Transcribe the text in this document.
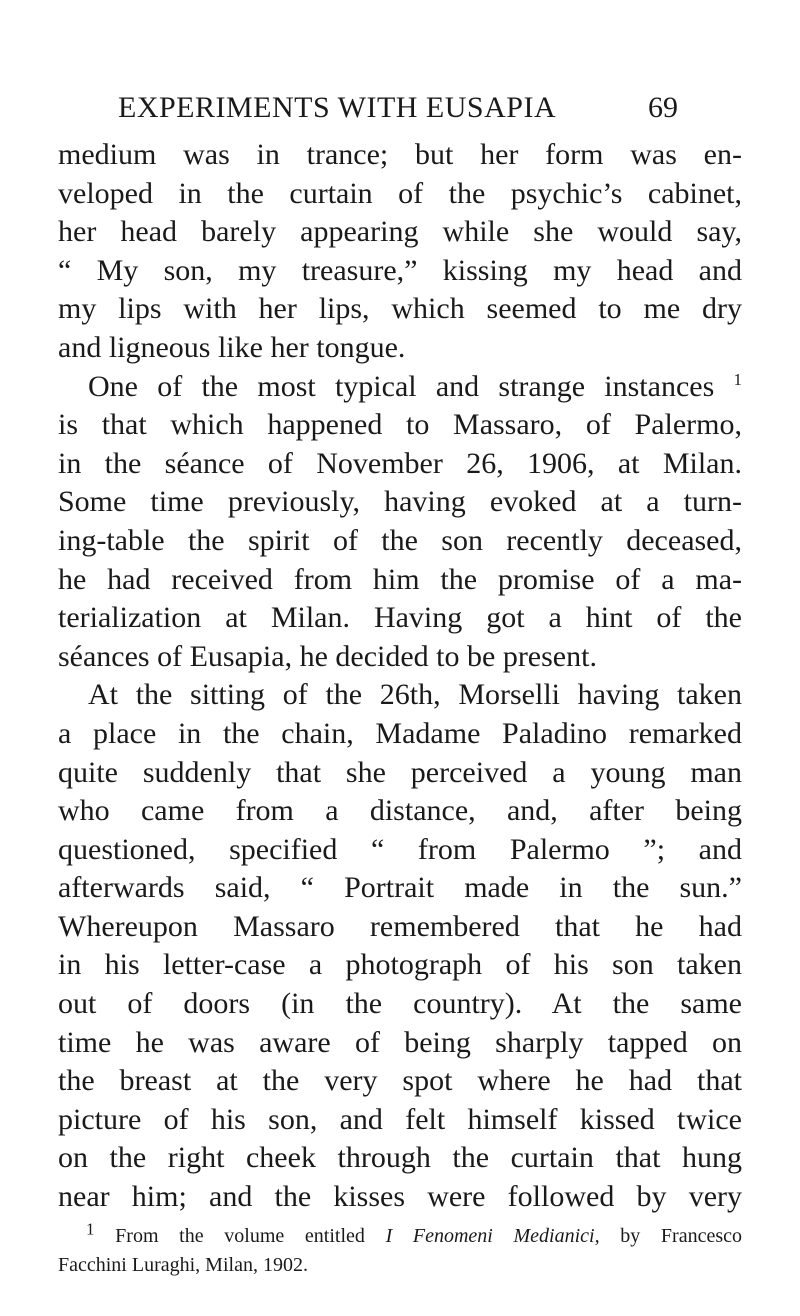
EXPERIMENTS WITH EUSAPIA	69
medium was in trance; but her form was en-
veloped in the curtain of the psychic’s cabinet,
her head barely appearing while she would say,
“ My son, my treasure,” kissing my head and
my lips with her lips, which seemed to me dry
and ligneous like her tongue.
One of the most typical and strange instances $^1$
is that which happened to Massaro, of Palermo,
in the séance of November 26, 1906, at Milan.
Some time previously, having evoked at a turn-
ing-table the spirit of the son recently deceased,
he had received from him the promise of a ma-
terialization at Milan. Having got a hint of the
séances of Eusapia, he decided to be present.
At the sitting of the 26th, Morselli having taken
a place in the chain, Madame Paladino remarked
quite suddenly that she perceived a young man
who came from a distance, and, after being
questioned, specified “ from Palermo ”; and
afterwards said, “ Portrait made in the sun.”
Whereupon Massaro remembered that he had
in his letter-case a photograph of his son taken
out of doors (in the country). At the same
time he was aware of being sharply tapped on
the breast at the very spot where he had that
picture of his son, and felt himself kissed twice
on the right cheek through the curtain that hung
near him; and the kisses were followed by very
$^1$ From the volume entitled I Fenomeni Medianici, by Francesco
Facchini Luraghi, Milan, 1902.
